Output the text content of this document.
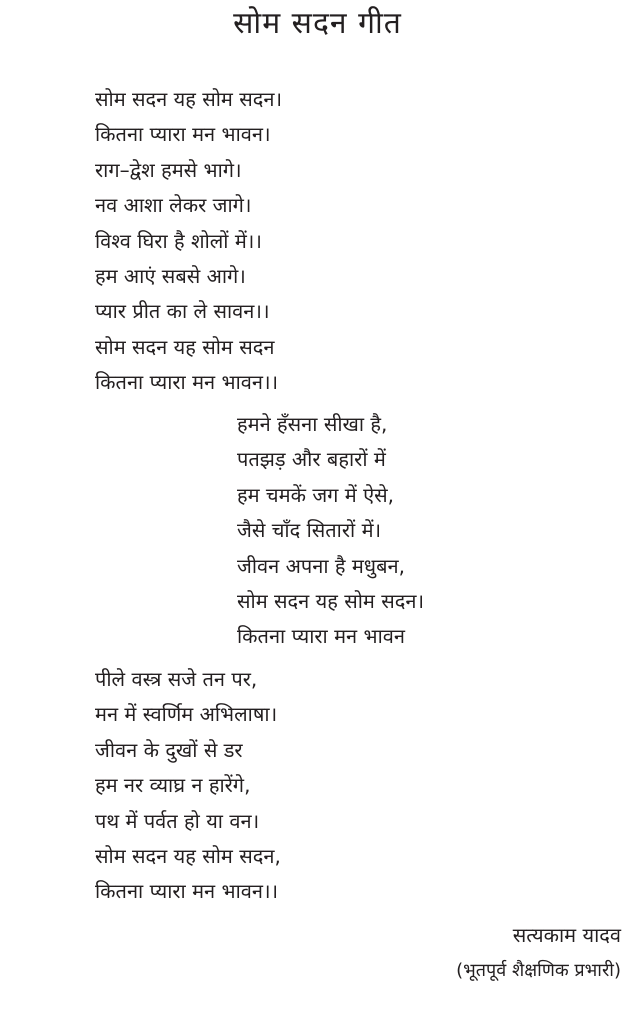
सोम सदन गीत
सोम सदन यह सोम सदन।
कितना प्यारा मन भावन।
राग–द्वेश हमसे भागे।
नव आशा लेकर जागे।
विश्व घिरा है शोलों में।।
हम आएं सबसे आगे।
प्यार प्रीत का ले सावन।।
सोम सदन यह सोम सदन
कितना प्यारा मन भावन।।
हमने हँसना सीखा है,
पतझड़ और बहारों में
हम चमकें जग में ऐसे,
जैसे चाँद सितारों में।
जीवन अपना है मधुबन,
सोम सदन यह सोम सदन।
कितना प्यारा मन भावन
पीले वस्त्र सजे तन पर,
मन में स्वर्णिम अभिलाषा।
जीवन के दुखों से डर
हम नर व्याघ्र न हारेंगे,
पथ में पर्वत हो या वन।
सोम सदन यह सोम सदन,
कितना प्यारा मन भावन।।
सत्यकाम यादव
(भूतपूर्व शैक्षणिक प्रभारी)
